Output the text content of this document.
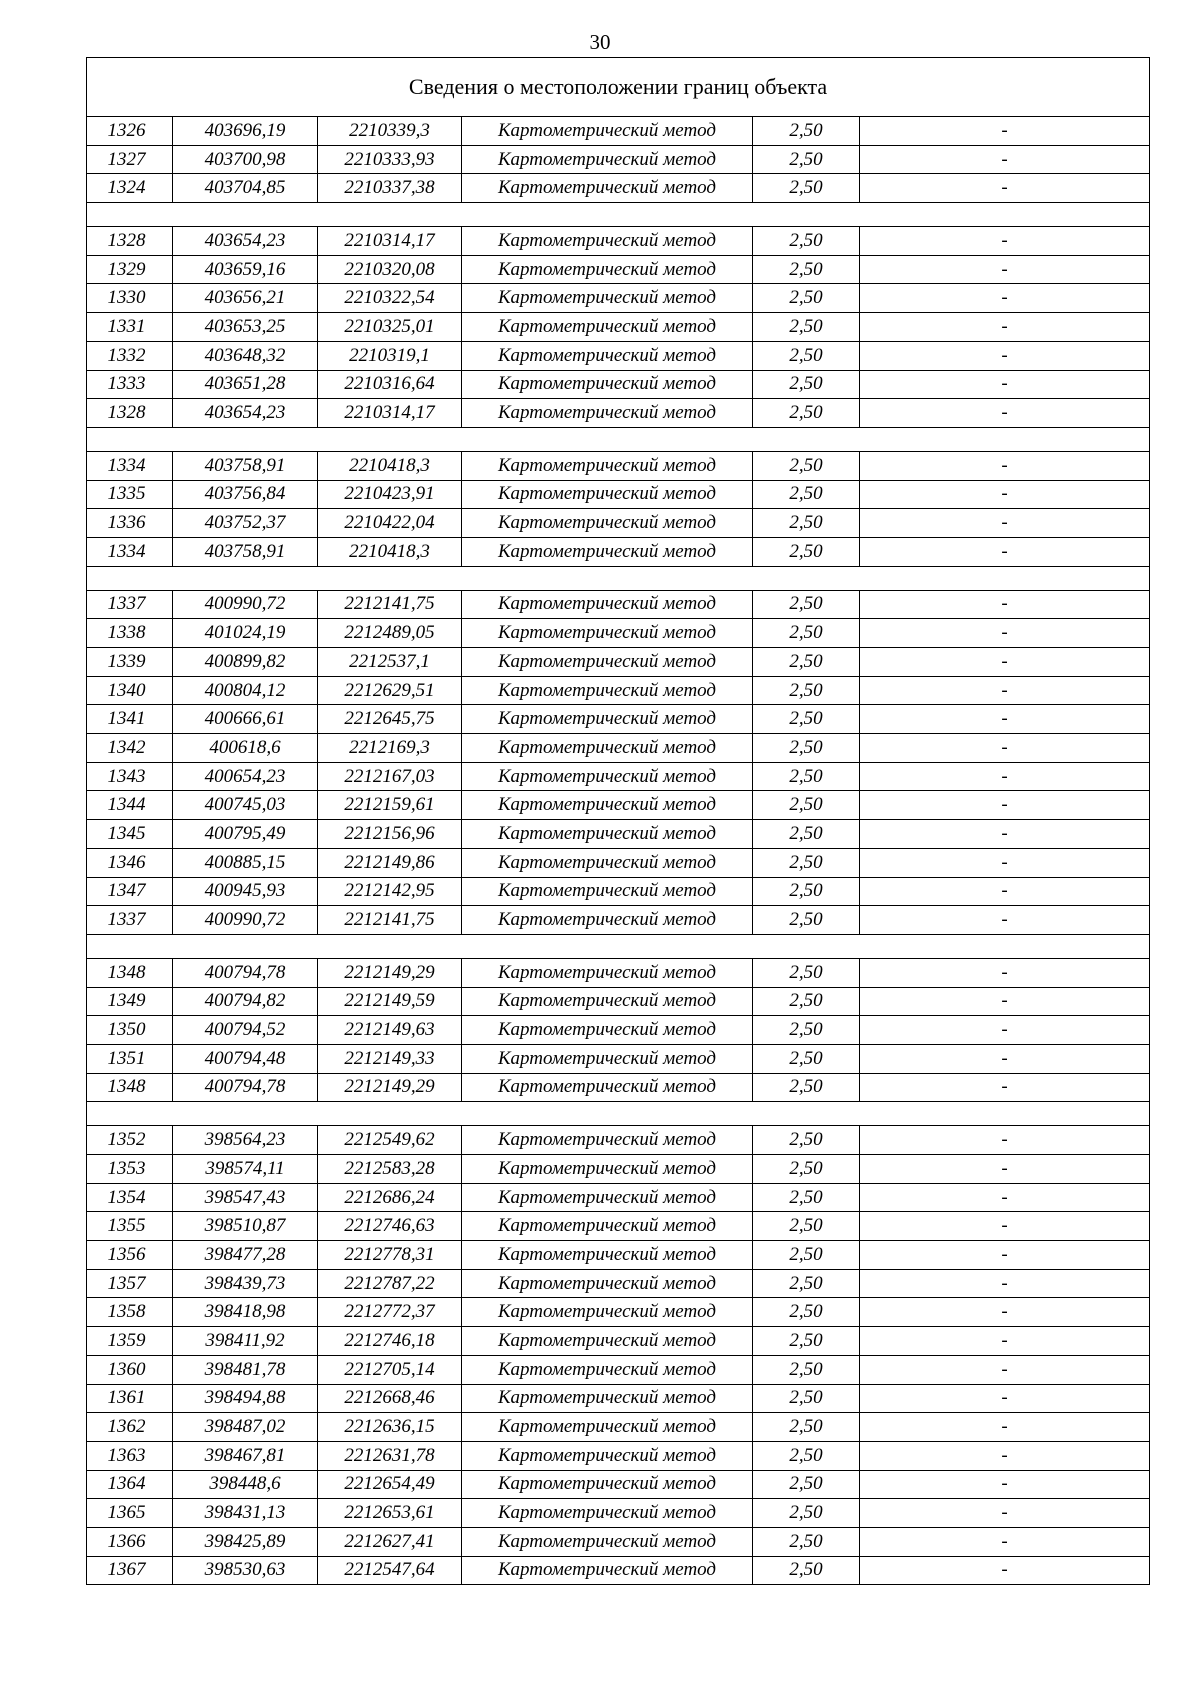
30
Сведения о местоположении границ объекта					
1326	403696,19	2210339,3	Картометрический метод	2,50	-
1327	403700,98	2210333,93	Картометрический метод	2,50	-
1324	403704,85	2210337,38	Картометрический метод	2,50	-

1328	403654,23	2210314,17	Картометрический метод	2,50	-
1329	403659,16	2210320,08	Картометрический метод	2,50	-
1330	403656,21	2210322,54	Картометрический метод	2,50	-
1331	403653,25	2210325,01	Картометрический метод	2,50	-
1332	403648,32	2210319,1	Картометрический метод	2,50	-
1333	403651,28	2210316,64	Картометрический метод	2,50	-
1328	403654,23	2210314,17	Картометрический метод	2,50	-

1334	403758,91	2210418,3	Картометрический метод	2,50	-
1335	403756,84	2210423,91	Картометрический метод	2,50	-
1336	403752,37	2210422,04	Картометрический метод	2,50	-
1334	403758,91	2210418,3	Картометрический метод	2,50	-

1337	400990,72	2212141,75	Картометрический метод	2,50	-
1338	401024,19	2212489,05	Картометрический метод	2,50	-
1339	400899,82	2212537,1	Картометрический метод	2,50	-
1340	400804,12	2212629,51	Картометрический метод	2,50	-
1341	400666,61	2212645,75	Картометрический метод	2,50	-
1342	400618,6	2212169,3	Картометрический метод	2,50	-
1343	400654,23	2212167,03	Картометрический метод	2,50	-
1344	400745,03	2212159,61	Картометрический метод	2,50	-
1345	400795,49	2212156,96	Картометрический метод	2,50	-
1346	400885,15	2212149,86	Картометрический метод	2,50	-
1347	400945,93	2212142,95	Картометрический метод	2,50	-
1337	400990,72	2212141,75	Картометрический метод	2,50	-

1348	400794,78	2212149,29	Картометрический метод	2,50	-
1349	400794,82	2212149,59	Картометрический метод	2,50	-
1350	400794,52	2212149,63	Картометрический метод	2,50	-
1351	400794,48	2212149,33	Картометрический метод	2,50	-
1348	400794,78	2212149,29	Картометрический метод	2,50	-

1352	398564,23	2212549,62	Картометрический метод	2,50	-
1353	398574,11	2212583,28	Картометрический метод	2,50	-
1354	398547,43	2212686,24	Картометрический метод	2,50	-
1355	398510,87	2212746,63	Картометрический метод	2,50	-
1356	398477,28	2212778,31	Картометрический метод	2,50	-
1357	398439,73	2212787,22	Картометрический метод	2,50	-
1358	398418,98	2212772,37	Картометрический метод	2,50	-
1359	398411,92	2212746,18	Картометрический метод	2,50	-
1360	398481,78	2212705,14	Картометрический метод	2,50	-
1361	398494,88	2212668,46	Картометрический метод	2,50	-
1362	398487,02	2212636,15	Картометрический метод	2,50	-
1363	398467,81	2212631,78	Картометрический метод	2,50	-
1364	398448,6	2212654,49	Картометрический метод	2,50	-
1365	398431,13	2212653,61	Картометрический метод	2,50	-
1366	398425,89	2212627,41	Картометрический метод	2,50	-
1367	398530,63	2212547,64	Картометрический метод	2,50	-
